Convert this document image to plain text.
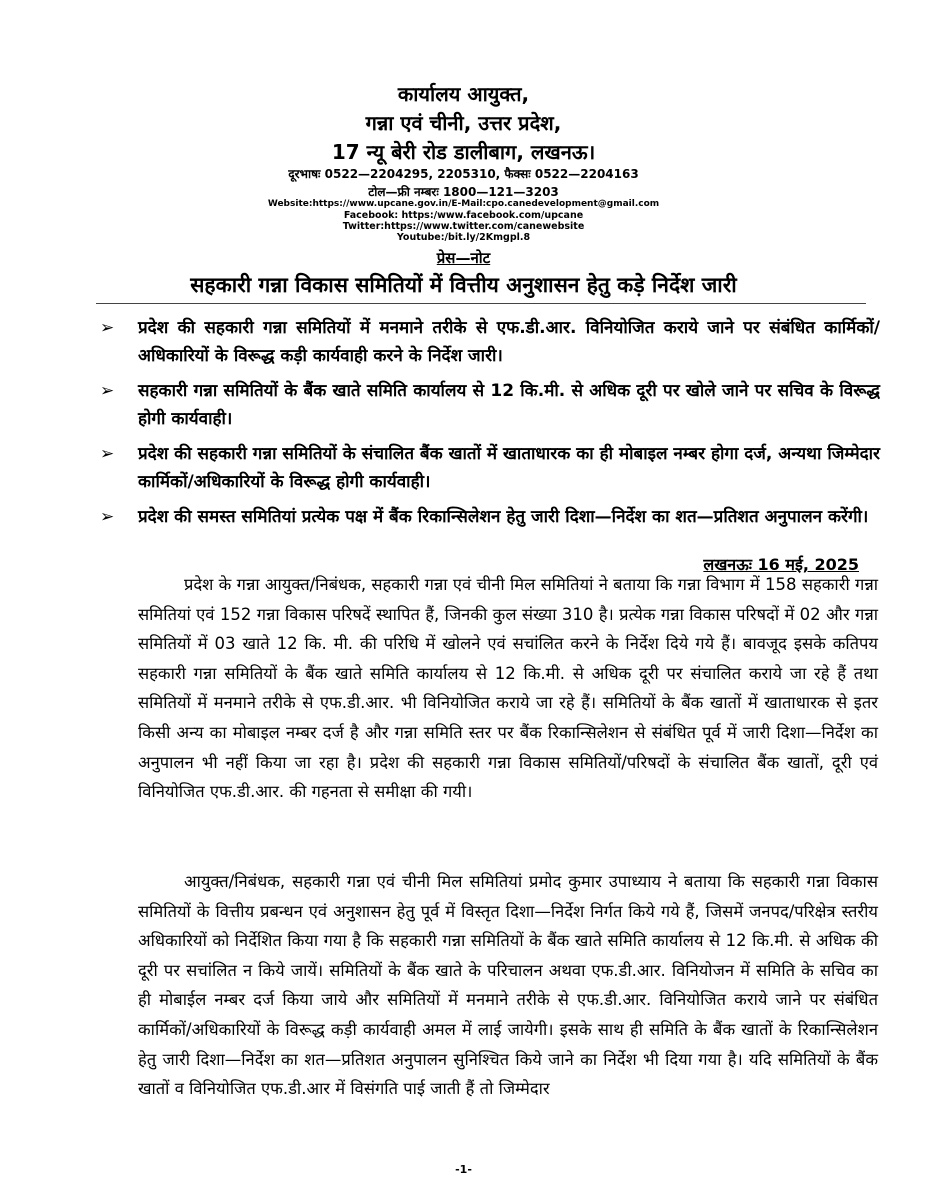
कार्यालय आयुक्त,
गन्ना एवं चीनी, उत्तर प्रदेश,
17 न्यू बेरी रोड डालीबाग, लखनऊ।
दूरभाषः 0522—2204295, 2205310, फैक्सः 0522—2204163
टोल—फ्री नम्बरः 1800—121—3203
Website:https://www.upcane.gov.in/E-Mail:cpo.canedevelopment@gmail.com
Facebook: https:/www.facebook.com/upcane
Twitter:https://www.twitter.com/canewebsite
Youtube:/bit.ly/2Kmgpl.8
प्रेस—नोट
सहकारी गन्ना विकास समितियों में वित्तीय अनुशासन हेतु कड़े निर्देश जारी
➢ प्रदेश की सहकारी गन्ना समितियों में मनमाने तरीके से एफ.डी.आर. विनियोजित कराये जाने पर संबंधित कार्मिकों/अधिकारियों के विरूद्ध कड़ी कार्यवाही करने के निर्देश जारी।
➢ सहकारी गन्ना समितियों के बैंक खाते समिति कार्यालय से 12 कि.मी. से अधिक दूरी पर खोले जाने पर सचिव के विरूद्ध होगी कार्यवाही।
➢ प्रदेश की सहकारी गन्ना समितियों के संचालित बैंक खातों में खाताधारक का ही मोबाइल नम्बर होगा दर्ज, अन्यथा जिम्मेदार कार्मिकों/अधिकारियों के विरूद्ध होगी कार्यवाही।
➢ प्रदेश की समस्त समितियां प्रत्येक पक्ष में बैंक रिकान्सिलेशन हेतु जारी दिशा—निर्देश का शत—प्रतिशत अनुपालन करेंगी।
लखनऊः 16 मई, 2025

प्रदेश के गन्ना आयुक्त/निबंधक, सहकारी गन्ना एवं चीनी मिल समितियां ने बताया कि गन्ना विभाग में 158 सहकारी गन्ना समितियां एवं 152 गन्ना विकास परिषदें स्थापित हैं, जिनकी कुल संख्या 310 है। प्रत्येक गन्ना विकास परिषदों में 02 और गन्ना समितियों में 03 खाते 12 कि. मी. की परिधि में खोलने एवं सचांलित करने के निर्देश दिये गये हैं। बावजूद इसके कतिपय सहकारी गन्ना समितियों के बैंक खाते समिति कार्यालय से 12 कि.मी. से अधिक दूरी पर संचालित कराये जा रहे हैं तथा समितियों में मनमाने तरीके से एफ.डी.आर. भी विनियोजित कराये जा रहे हैं। समितियों के बैंक खातों में खाताधारक से इतर किसी अन्य का मोबाइल नम्बर दर्ज है और गन्ना समिति स्तर पर बैंक रिकान्सिलेशन से संबंधित पूर्व में जारी दिशा—निर्देश का अनुपालन भी नहीं किया जा रहा है। प्रदेश की सहकारी गन्ना विकास समितियों/परिषदों के संचालित बैंक खातों, दूरी एवं विनियोजित एफ.डी.आर. की गहनता से समीक्षा की गयी।

आयुक्त/निबंधक, सहकारी गन्ना एवं चीनी मिल समितियां प्रमोद कुमार उपाध्याय ने बताया कि सहकारी गन्ना विकास समितियों के वित्तीय प्रबन्धन एवं अनुशासन हेतु पूर्व में विस्तृत दिशा—निर्देश निर्गत किये गये हैं, जिसमें जनपद/परिक्षेत्र स्तरीय अधिकारियों को निर्देशित किया गया है कि सहकारी गन्ना समितियों के बैंक खाते समिति कार्यालय से 12 कि.मी. से अधिक की दूरी पर सचांलित न किये जायें। समितियों के बैंक खाते के परिचालन अथवा एफ.डी.आर. विनियोजन में समिति के सचिव का ही मोबाईल नम्बर दर्ज किया जाये और समितियों में मनमाने तरीके से एफ.डी.आर. विनियोजित कराये जाने पर संबंधित कार्मिकों/अधिकारियों के विरूद्ध कड़ी कार्यवाही अमल में लाई जायेगी। इसके साथ ही समिति के बैंक खातों के रिकान्सिलेशन हेतु जारी दिशा—निर्देश का शत—प्रतिशत अनुपालन सुनिश्चित किये जाने का निर्देश भी दिया गया है। यदि समितियों के बैंक खातों व विनियोजित एफ.डी.आर में विसंगति पाई जाती हैं तो जिम्मेदार

-1-
